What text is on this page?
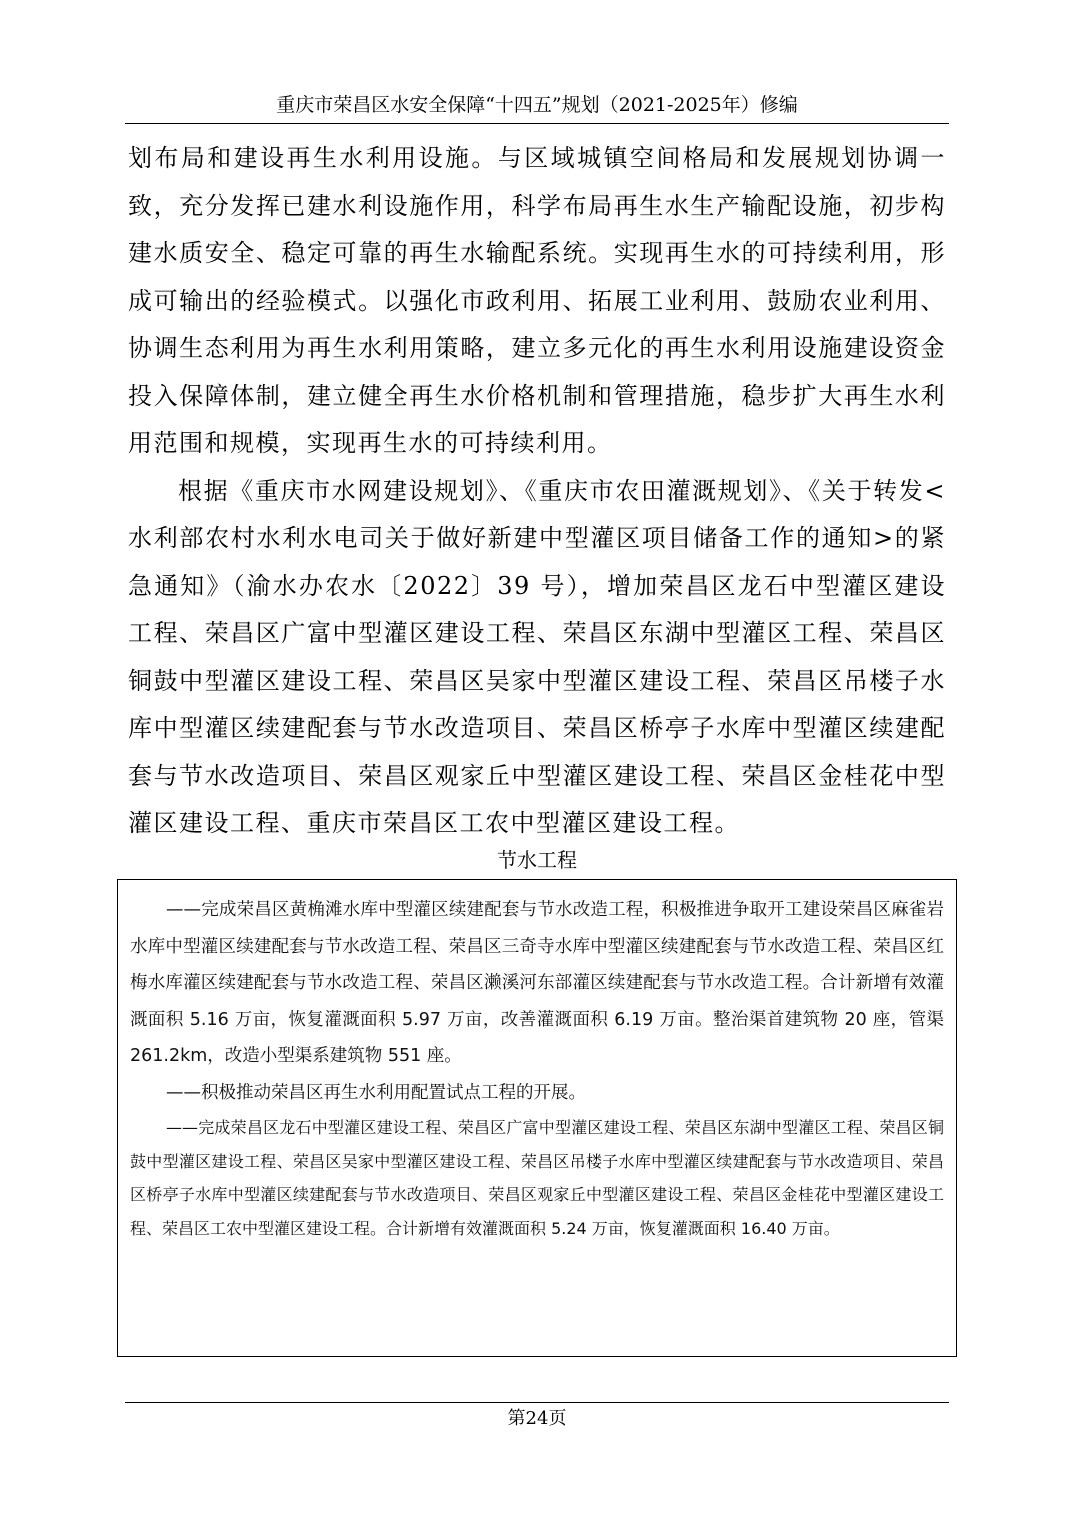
重庆市荣昌区水安全保障“十四五”规划（2021-2025年）修编

划布局和建设再生水利用设施。与区域城镇空间格局和发展规划协调一致，充分发挥已建水利设施作用，科学布局再生水生产输配设施，初步构建水质安全、稳定可靠的再生水输配系统。实现再生水的可持续利用，形成可输出的经验模式。以强化市政利用、拓展工业利用、鼓励农业利用、协调生态利用为再生水利用策略，建立多元化的再生水利用设施建设资金投入保障体制，建立健全再生水价格机制和管理措施，稳步扩大再生水利用范围和规模，实现再生水的可持续利用。

根据《重庆市水网建设规划》、《重庆市农田灌溉规划》、《关于转发<水利部农村水利水电司关于做好新建中型灌区项目储备工作的通知>的紧急通知》（渝水办农水〔2022〕39 号），增加荣昌区龙石中型灌区建设工程、荣昌区广富中型灌区建设工程、荣昌区东湖中型灌区工程、荣昌区铜鼓中型灌区建设工程、荣昌区吴家中型灌区建设工程、荣昌区吊楼子水库中型灌区续建配套与节水改造项目、荣昌区桥亭子水库中型灌区续建配套与节水改造项目、荣昌区观家丘中型灌区建设工程、荣昌区金桂花中型灌区建设工程、重庆市荣昌区工农中型灌区建设工程。

节水工程

——完成荣昌区黄桷滩水库中型灌区续建配套与节水改造工程，积极推进争取开工建设荣昌区麻雀岩水库中型灌区续建配套与节水改造工程、荣昌区三奇寺水库中型灌区续建配套与节水改造工程、荣昌区红梅水库灌区续建配套与节水改造工程、荣昌区濑溪河东部灌区续建配套与节水改造工程。合计新增有效灌溉面积 5.16 万亩，恢复灌溉面积 5.97 万亩，改善灌溉面积 6.19 万亩。整治渠首建筑物 20 座，管渠 261.2km，改造小型渠系建筑物 551 座。

——积极推动荣昌区再生水利用配置试点工程的开展。

——完成荣昌区龙石中型灌区建设工程、荣昌区广富中型灌区建设工程、荣昌区东湖中型灌区工程、荣昌区铜鼓中型灌区建设工程、荣昌区吴家中型灌区建设工程、荣昌区吊楼子水库中型灌区续建配套与节水改造项目、荣昌区桥亭子水库中型灌区续建配套与节水改造项目、荣昌区观家丘中型灌区建设工程、荣昌区金桂花中型灌区建设工程、荣昌区工农中型灌区建设工程。合计新增有效灌溉面积 5.24 万亩，恢复灌溉面积 16.40 万亩。

第24页
